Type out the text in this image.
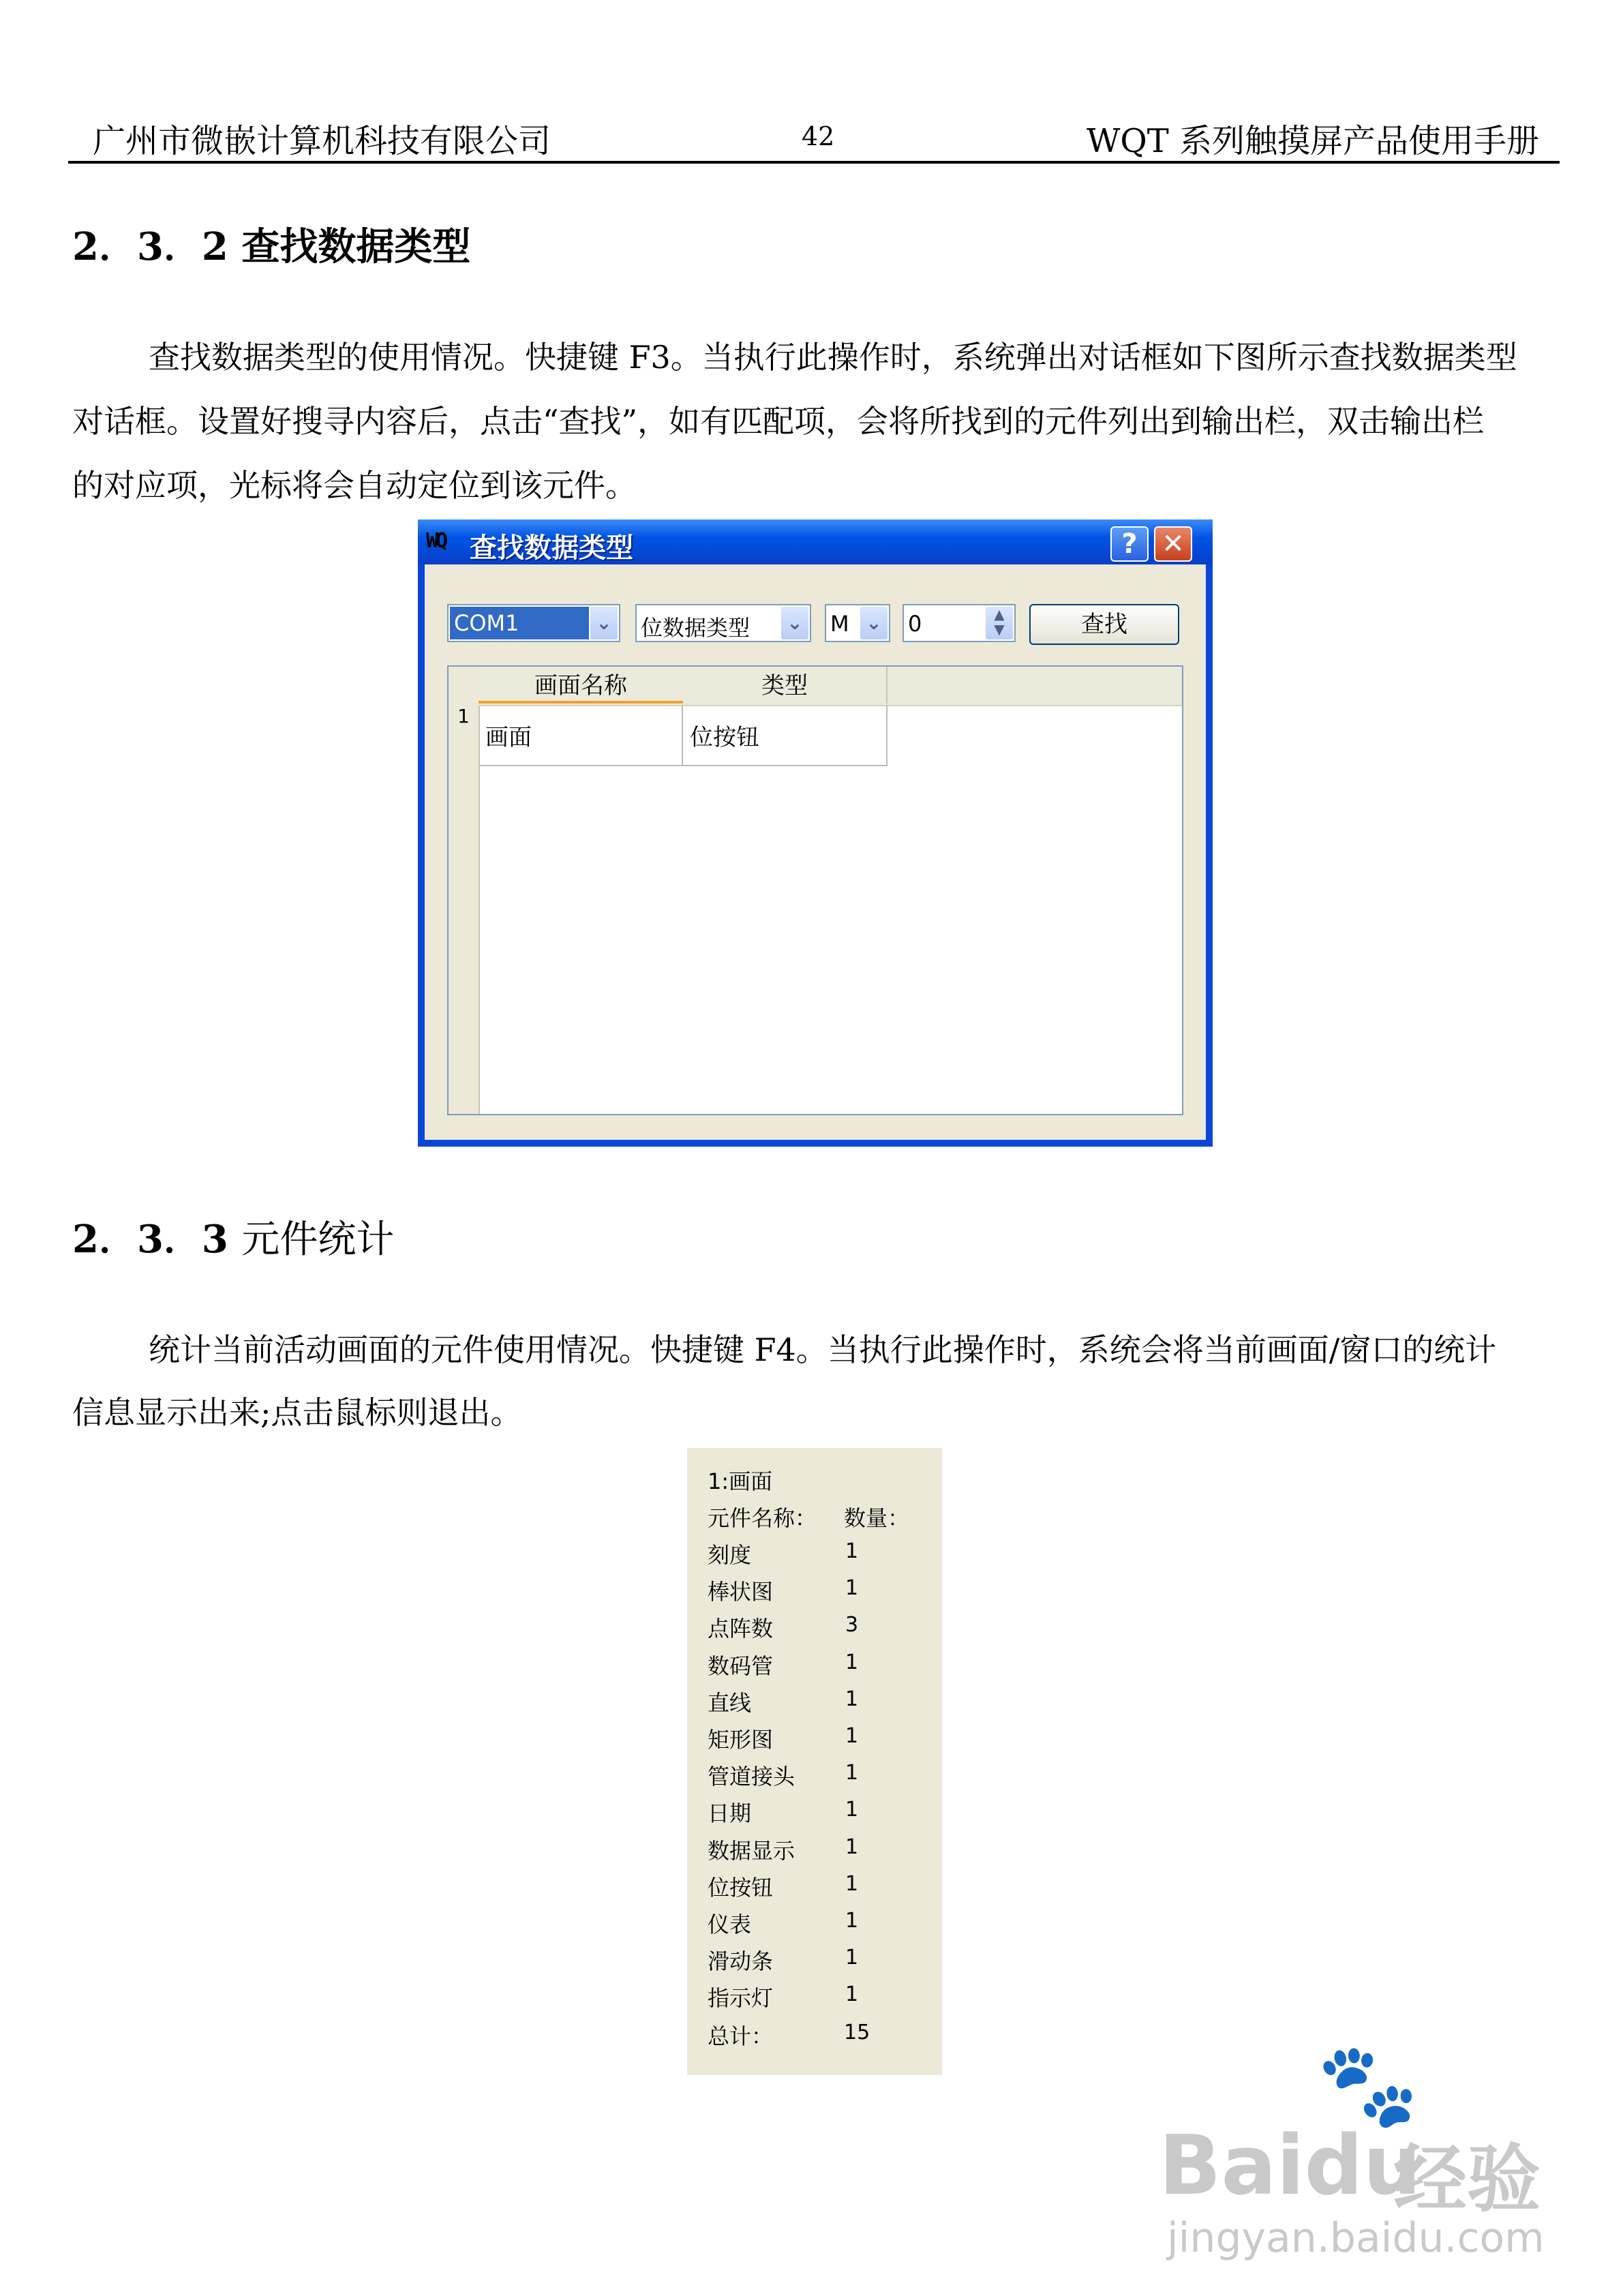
广州市微嵌计算机科技有限公司	42	WQT 系列触摸屏产品使用手册
2．3．2 查找数据类型
查找数据类型的使用情况。快捷键 F3。当执行此操作时，系统弹出对话框如下图所示查找数据类型
对话框。设置好搜寻内容后，点击“查找”，如有匹配项，会将所找到的元件列出到输出栏，双击输出栏
的对应项，光标将会自动定位到该元件。
WQ 查找数据类型	? ✕
COM1	⌄ 位数据类型 ⌄ M ⌄ 0	▲
▼	查找
画面名称	类型
1
画面	位按钮
2．3．3 元件统计
统计当前活动画面的元件使用情况。快捷键 F4。当执行此操作时，系统会将当前画面/窗口的统计
信息显示出来;点击鼠标则退出。
1:画面
元件名称： 数量：
刻度	1
棒状图	1
点阵数	3
数码管	1
直线	1
矩形图	1
管道接头 1
日期	1
数据显示 1
位按钮	1
仪表	1
滑动条	1
指示灯	1
总计：	15
Baidu
🐾
经验
jingyan.baidu.com
